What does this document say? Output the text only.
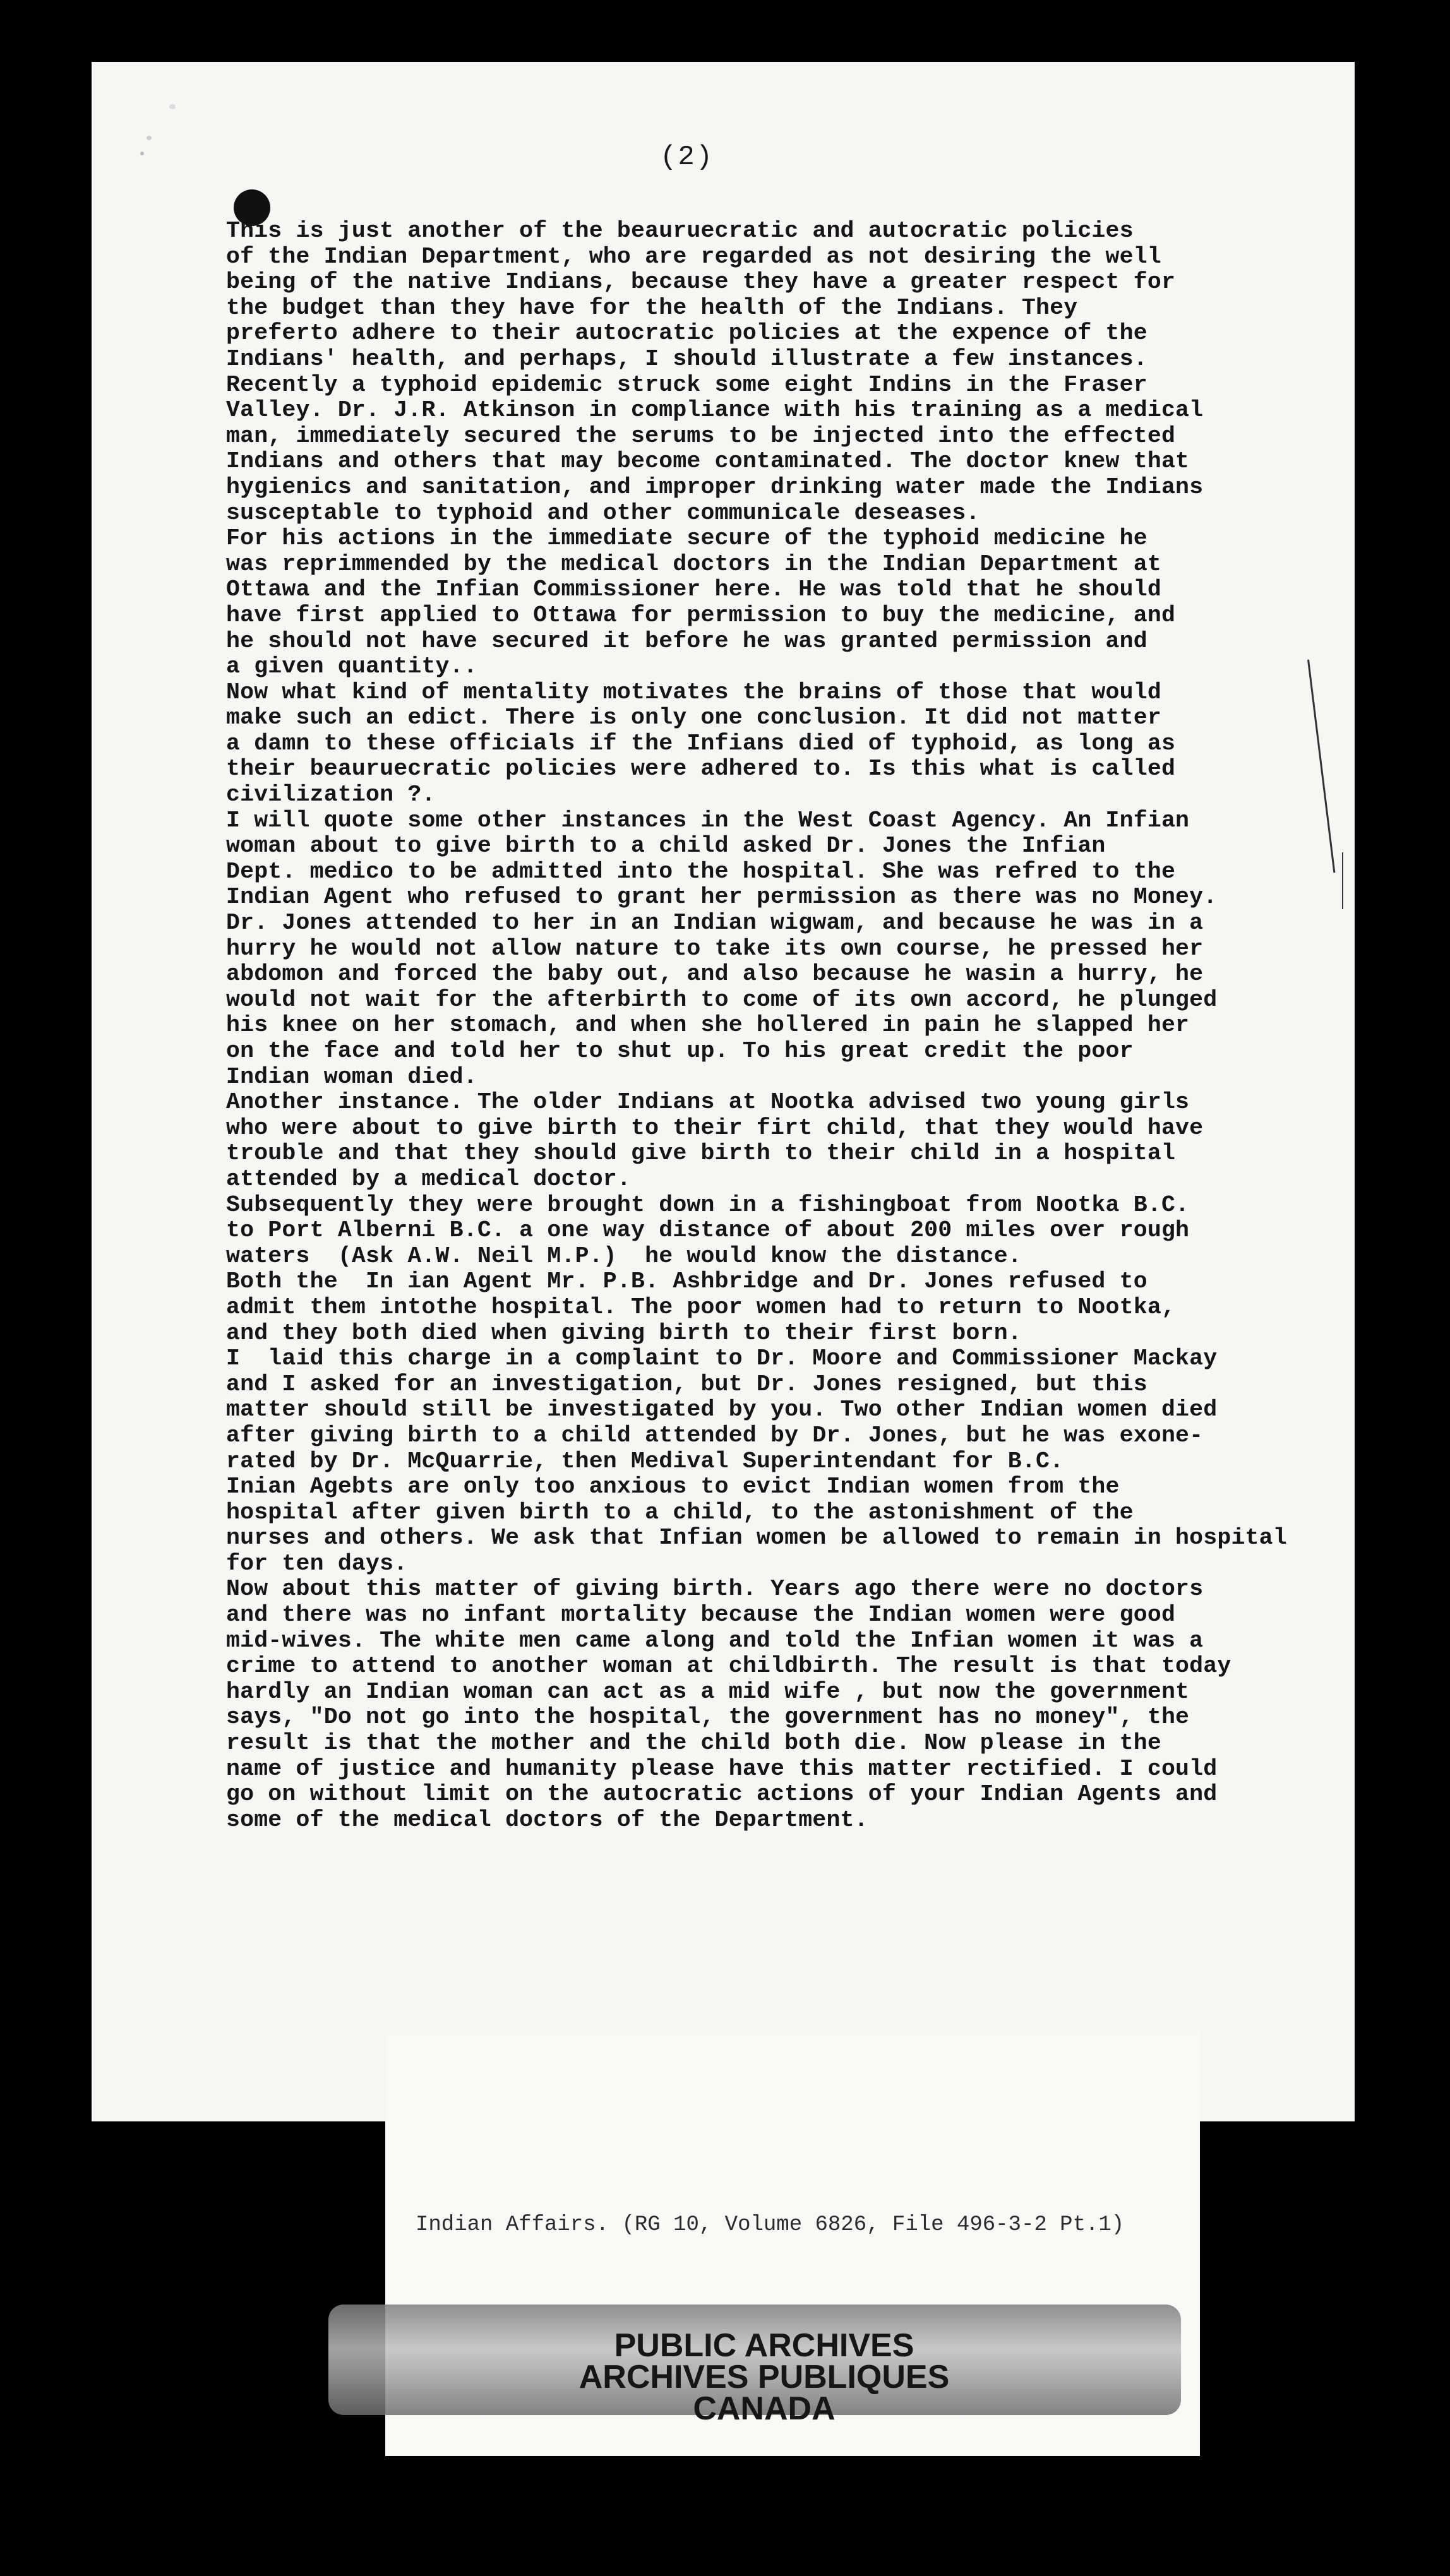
(2)
This is just another of the beauruecratic and autocratic policies
of the Indian Department, who are regarded as not desiring the well
being of the native Indians, because they have a greater respect for
the budget than they have for the health of the Indians. They
preferto adhere to their autocratic policies at the expence of the
Indians' health, and perhaps, I should illustrate a few instances.
Recently a typhoid epidemic struck some eight Indins in the Fraser
Valley. Dr. J.R. Atkinson in compliance with his training as a medical
man, immediately secured the serums to be injected into the effected
Indians and others that may become contaminated. The doctor knew that
hygienics and sanitation, and improper drinking water made the Indians
susceptable to typhoid and other communicale deseases.
For his actions in the immediate secure of the typhoid medicine he
was reprimmended by the medical doctors in the Indian Department at
Ottawa and the Infian Commissioner here. He was told that he should
have first applied to Ottawa for permission to buy the medicine, and
he should not have secured it before he was granted permission and
a given quantity..
Now what kind of mentality motivates the brains of those that would
make such an edict. There is only one conclusion. It did not matter
a damn to these officials if the Infians died of typhoid, as long as
their beauruecratic policies were adhered to. Is this what is called
civilization ?.
I will quote some other instances in the West Coast Agency. An Infian
woman about to give birth to a child asked Dr. Jones the Infian
Dept. medico to be admitted into the hospital. She was refred to the
Indian Agent who refused to grant her permission as there was no Money.
Dr. Jones attended to her in an Indian wigwam, and because he was in a
hurry he would not allow nature to take its own course, he pressed her
abdomon and forced the baby out, and also because he wasin a hurry, he
would not wait for the afterbirth to come of its own accord, he plunged
his knee on her stomach, and when she hollered in pain he slapped her
on the face and told her to shut up. To his great credit the poor
Indian woman died.
Another instance. The older Indians at Nootka advised two young girls
who were about to give birth to their firt child, that they would have
trouble and that they should give birth to their child in a hospital
attended by a medical doctor.
Subsequently they were brought down in a fishingboat from Nootka B.C.
to Port Alberni B.C. a one way distance of about 200 miles over rough
waters  (Ask A.W. Neil M.P.)  he would know the distance.
Both the  In ian Agent Mr. P.B. Ashbridge and Dr. Jones refused to
admit them intothe hospital. The poor women had to return to Nootka,
and they both died when giving birth to their first born.
I  laid this charge in a complaint to Dr. Moore and Commissioner Mackay
and I asked for an investigation, but Dr. Jones resigned, but this
matter should still be investigated by you. Two other Indian women died
after giving birth to a child attended by Dr. Jones, but he was exone-
rated by Dr. McQuarrie, then Medival Superintendant for B.C.
Inian Agebts are only too anxious to evict Indian women from the
hospital after given birth to a child, to the astonishment of the
nurses and others. We ask that Infian women be allowed to remain in hospital
for ten days.
Now about this matter of giving birth. Years ago there were no doctors
and there was no infant mortality because the Indian women were good
mid-wives. The white men came along and told the Infian women it was a
crime to attend to another woman at childbirth. The result is that today
hardly an Indian woman can act as a mid wife , but now the government
says, "Do not go into the hospital, the government has no money", the
result is that the mother and the child both die. Now please in the
name of justice and humanity please have this matter rectified. I could
go on without limit on the autocratic actions of your Indian Agents and
some of the medical doctors of the Department.
Indian Affairs. (RG 10, Volume 6826, File 496-3-2 Pt.1)
PUBLIC ARCHIVES
ARCHIVES PUBLIQUES
CANADA
